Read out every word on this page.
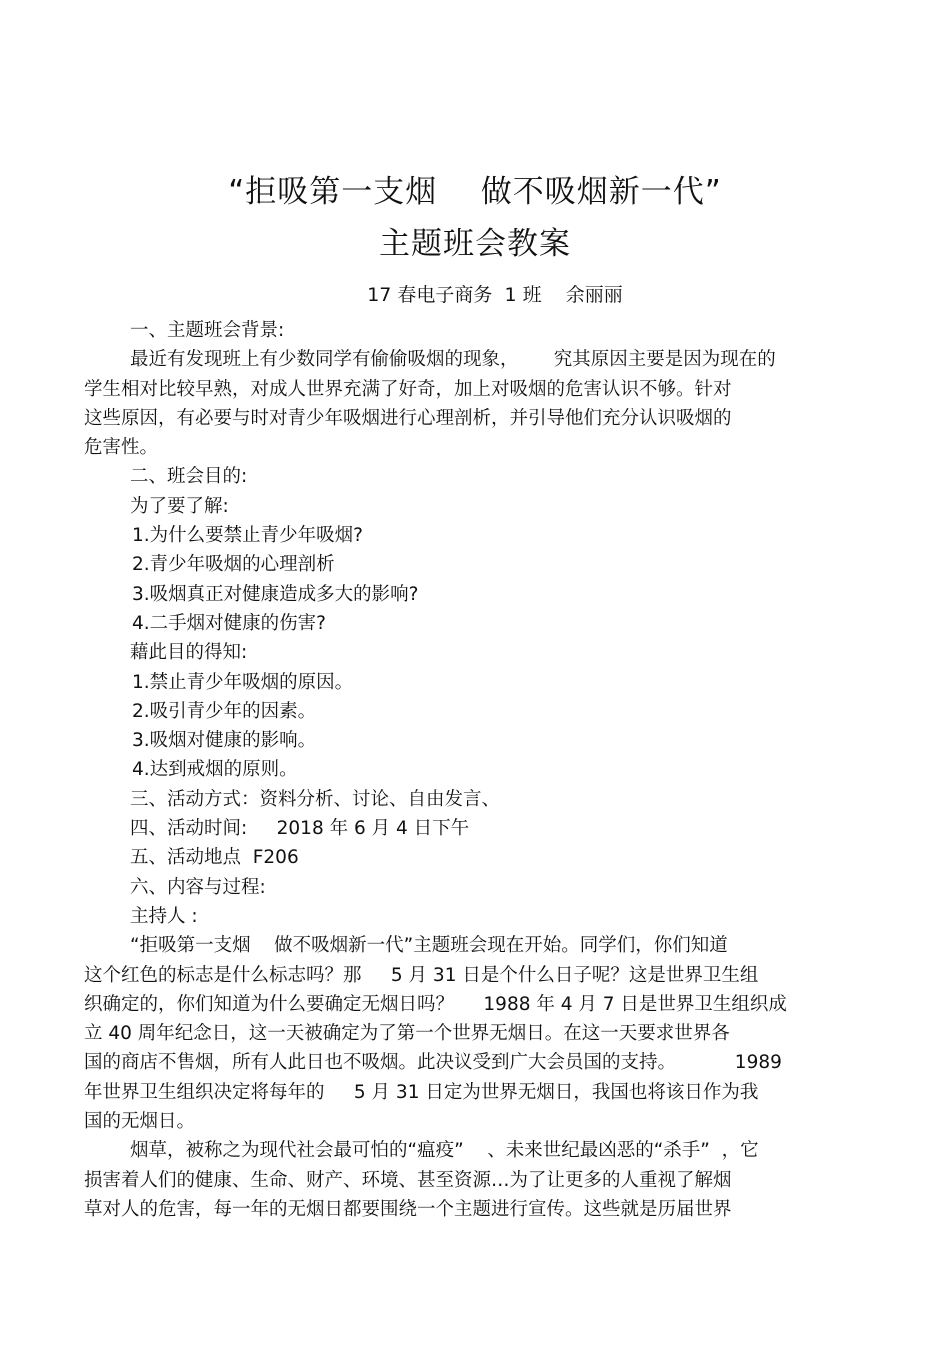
“拒吸第一支烟    做不吸烟新一代”
主题班会教案
17 春电子商务  1 班    余丽丽
一、主题班会背景:
最近有发现班上有少数同学有偷偷吸烟的现象，      究其原因主要是因为现在的
学生相对比较早熟，对成人世界充满了好奇，加上对吸烟的危害认识不够。针对
这些原因，有必要与时对青少年吸烟进行心理剖析，并引导他们充分认识吸烟的
危害性。
二、班会目的:
为了要了解:
1.为什么要禁止青少年吸烟?
2.青少年吸烟的心理剖析
3.吸烟真正对健康造成多大的影响?
4.二手烟对健康的伤害?
藉此目的得知:
1.禁止青少年吸烟的原因。
2.吸引青少年的因素。
3.吸烟对健康的影响。
4.达到戒烟的原则。
三、活动方式：资料分析、讨论、自由发言、
四、活动时间:     2018 年 6 月 4 日下午
五、活动地点  F206
六、内容与过程:
主持人 :
“拒吸第一支烟    做不吸烟新一代”主题班会现在开始。同学们，你们知道
这个红色的标志是什么标志吗？那     5 月 31 日是个什么日子呢？这是世界卫生组
织确定的，你们知道为什么要确定无烟日吗？     1988 年 4 月 7 日是世界卫生组织成
立 40 周年纪念日，这一天被确定为了第一个世界无烟日。在这一天要求世界各
国的商店不售烟，所有人此日也不吸烟。此决议受到广大会员国的支持。          1989
年世界卫生组织决定将每年的     5 月 31 日定为世界无烟日，我国也将该日作为我
国的无烟日。
烟草，被称之为现代社会最可怕的“瘟疫”    、未来世纪最凶恶的“杀手”  ，它
损害着人们的健康、生命、财产、环境、甚至资源…为了让更多的人重视了解烟
草对人的危害，每一年的无烟日都要围绕一个主题进行宣传。这些就是历届世界
